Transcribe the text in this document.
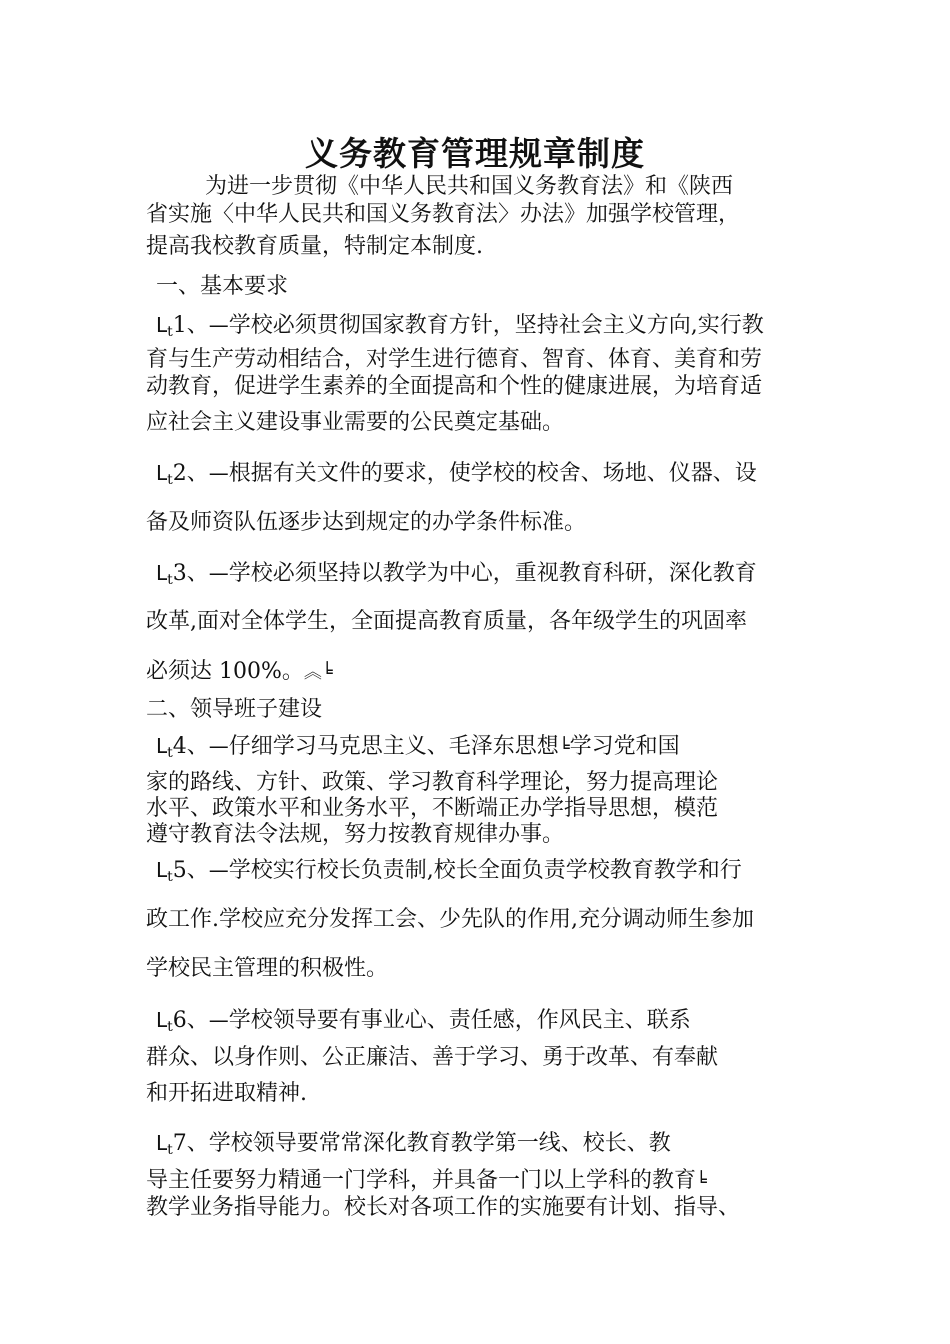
义务教育管理规章制度
为进一步贯彻《中华人民共和国义务教育法》和《陕西
省实施〈中华人民共和国义务教育法〉办法》加强学校管理，
提高我校教育质量，特制定本制度.
一、基本要求
$L_t1$、—学校必须贯彻国家教育方针，坚持社会主义方向,实行教
育与生产劳动相结合，对学生进行德育、智育、体育、美育和劳
动教育，促进学生素养的全面提高和个性的健康进展，为培育适
应社会主义建设事业需要的公民奠定基础。
$L_t2$、—根据有关文件的要求，使学校的校舍、场地、仪器、设
备及师资队伍逐步达到规定的办学条件标准。
$L_t3$、—学校必须坚持以教学为中心，重视教育科研，深化教育
改革,面对全体学生，全面提高教育质量，各年级学生的巩固率
必须达 100%。︽╘
二、领导班子建设
$L_t4$、—仔细学习马克思主义、毛泽东思想╘学习党和国
家的路线、方针、政策、学习教育科学理论，努力提高理论
水平、政策水平和业务水平，不断端正办学指导思想，模范
遵守教育法令法规，努力按教育规律办事。
$L_t5$、—学校实行校长负责制,校长全面负责学校教育教学和行
政工作.学校应充分发挥工会、少先队的作用,充分调动师生参加
学校民主管理的积极性。
$L_t6$、—学校领导要有事业心、责任感，作风民主、联系
群众、以身作则、公正廉洁、善于学习、勇于改革、有奉献
和开拓进取精神.
$L_t7$、学校领导要常常深化教育教学第一线、校长、教
导主任要努力精通一门学科，并具备一门以上学科的教育╘
教学业务指导能力。校长对各项工作的实施要有计划、指导、
